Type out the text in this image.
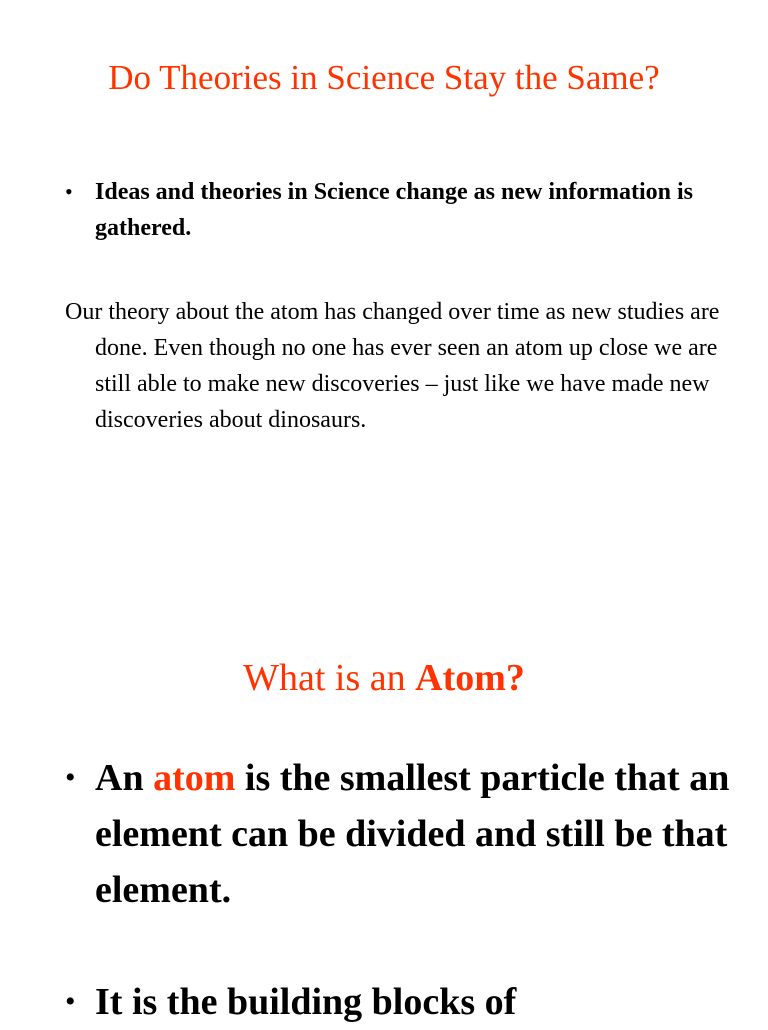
Do Theories in Science Stay the Same?
• Ideas and theories in Science change as new information is gathered.

Our theory about the atom has changed over time as new studies are done. Even though no one has ever seen an atom up close we are still able to make new discoveries – just like we have made new discoveries about dinosaurs.

What is an Atom?
• An atom is the smallest particle that an element can be divided and still be that element.
• It is the building blocks of
